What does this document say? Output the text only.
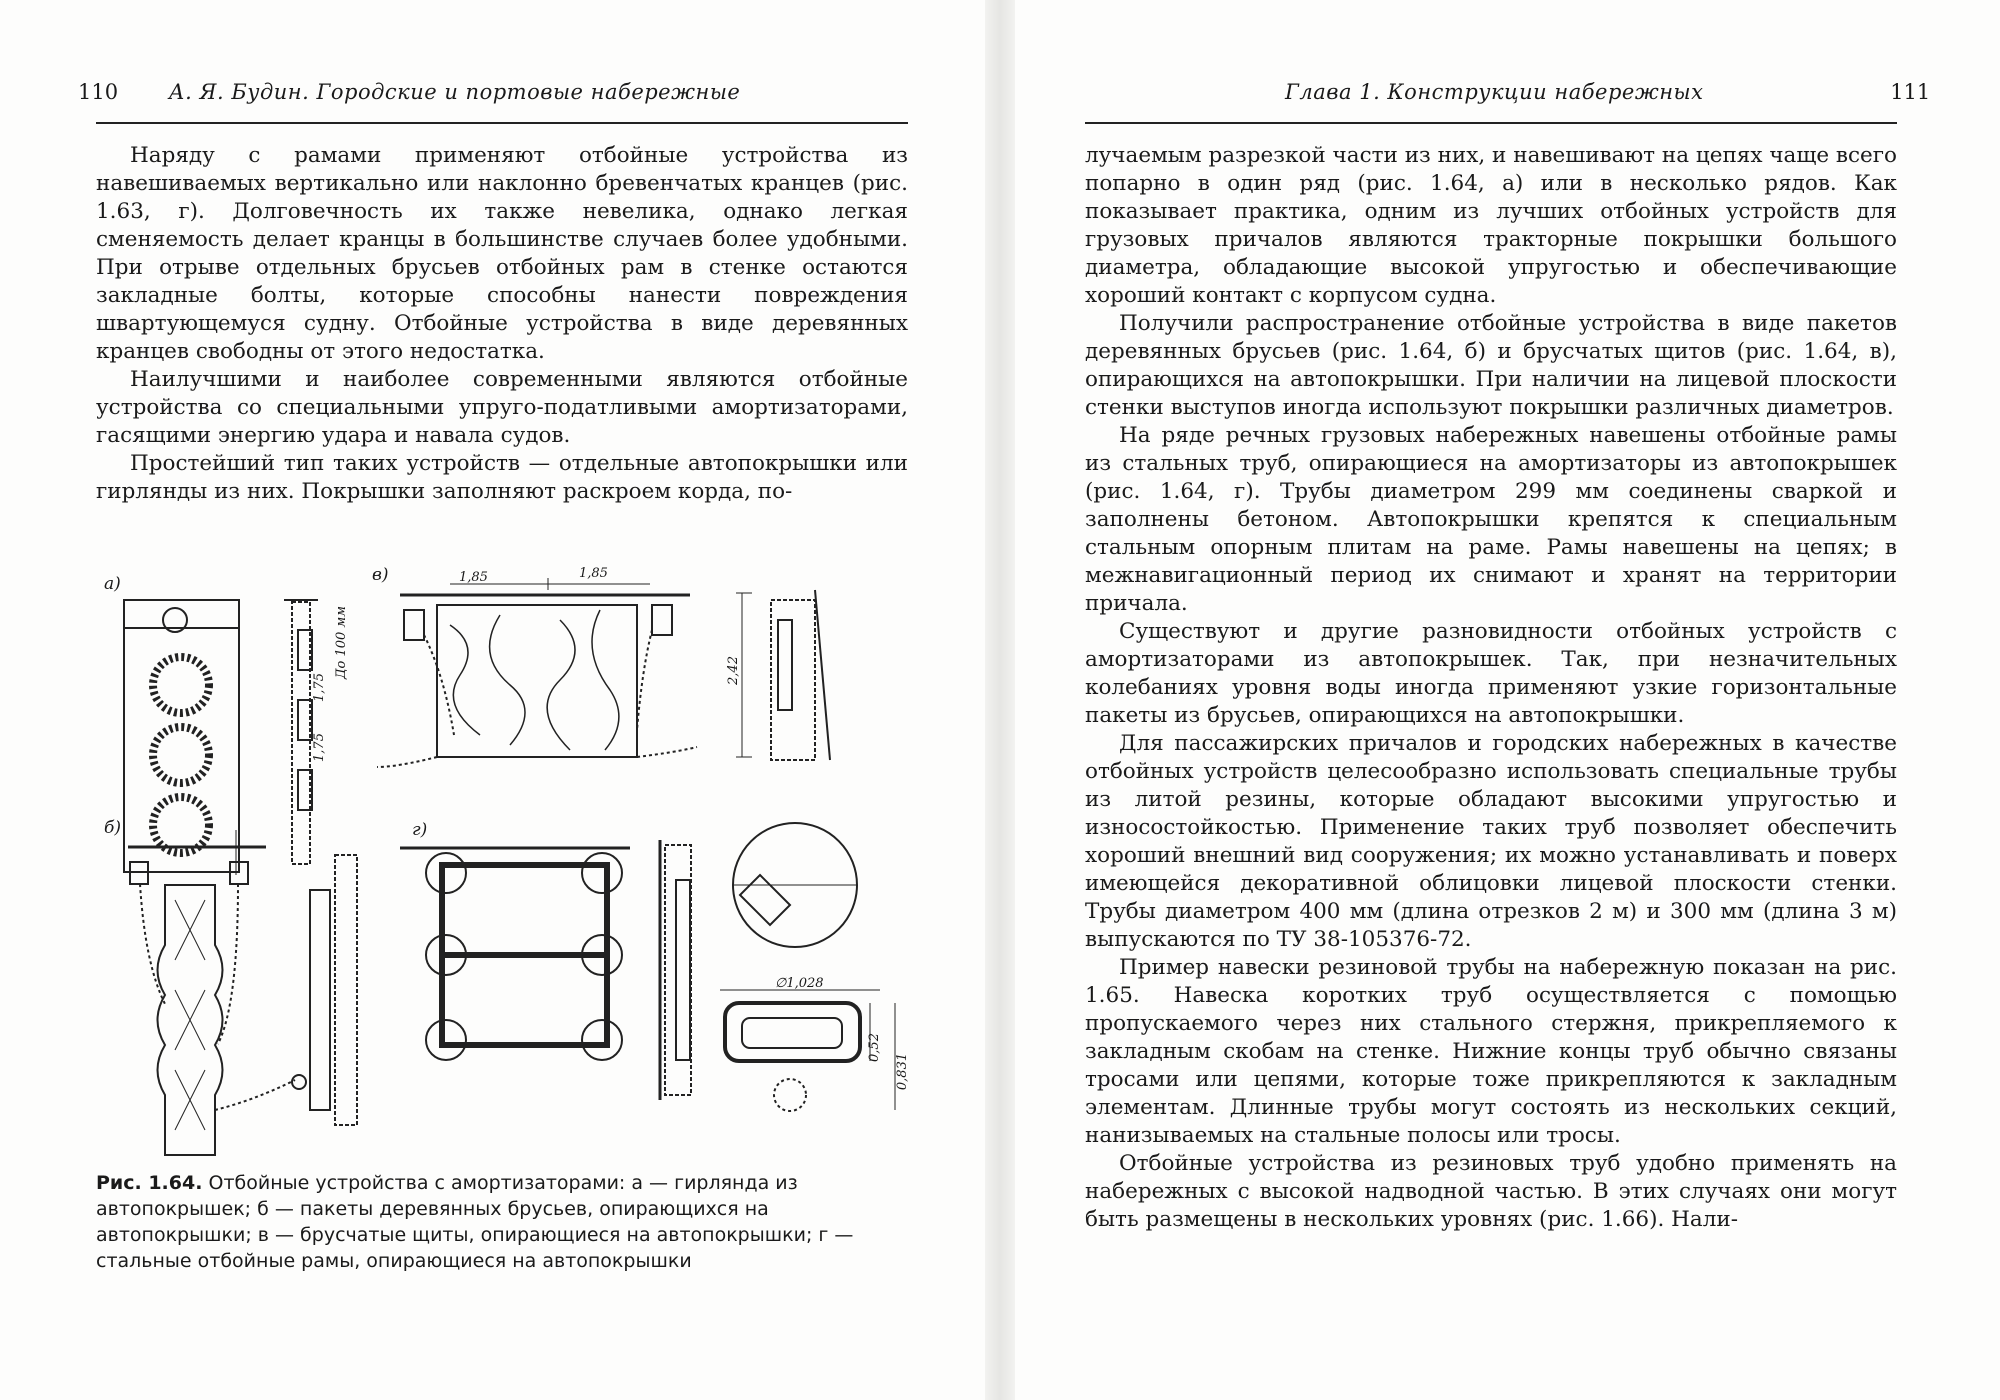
110 А. Я. Будин. Городские и портовые набережные

Наряду с рамами применяют отбойные устройства из навешиваемых вертикально или наклонно бревенчатых кранцев (рис. 1.63, г). Долговечность их также невелика, однако легкая сменяемость делает кранцы в большинстве случаев более удобными. При отрыве отдельных брусьев отбойных рам в стенке остаются закладные болты, которые способны нанести повреждения швартующемуся судну. Отбойные устройства в виде деревянных кранцев свободны от этого недостатка.

Наилучшими и наиболее современными являются отбойные устройства со специальными упруго-податливыми амортизаторами, гасящими энергию удара и навала судов.

Простейший тип таких устройств — отдельные автопокрышки или гирлянды из них. Покрышки заполняют раскроем корда, по-

а)
б)
в)
г)
1,85	1,85
2,42
1,75
1,75
До 100 мм
∅1,028
0,52
0,831
Рис. 1.64. Отбойные устройства с амортизаторами: а — гирлянда из автопокрышек; б — пакеты деревянных брусьев, опирающихся на автопокрышки; в — брусчатые щиты, опирающиеся на автопокрышки; г — стальные отбойные рамы, опирающиеся на автопокрышки
Глава 1. Конструкции набережных	111

лучаемым разрезкой части из них, и навешивают на цепях чаще всего попарно в один ряд (рис. 1.64, а) или в несколько рядов. Как показывает практика, одним из лучших отбойных устройств для грузовых причалов являются тракторные покрышки большого диаметра, обладающие высокой упругостью и обеспечивающие хороший контакт с корпусом судна.

Получили распространение отбойные устройства в виде пакетов деревянных брусьев (рис. 1.64, б) и брусчатых щитов (рис. 1.64, в), опирающихся на автопокрышки. При наличии на лицевой плоскости стенки выступов иногда используют покрышки различных диаметров.

На ряде речных грузовых набережных навешены отбойные рамы из стальных труб, опирающиеся на амортизаторы из автопокрышек (рис. 1.64, г). Трубы диаметром 299 мм соединены сваркой и заполнены бетоном. Автопокрышки крепятся к специальным стальным опорным плитам на раме. Рамы навешены на цепях; в межнавигационный период их снимают и хранят на территории причала.

Существуют и другие разновидности отбойных устройств с амортизаторами из автопокрышек. Так, при незначительных колебаниях уровня воды иногда применяют узкие горизонтальные пакеты из брусьев, опирающихся на автопокрышки.

Для пассажирских причалов и городских набережных в качестве отбойных устройств целесообразно использовать специальные трубы из литой резины, которые обладают высокими упругостью и износостойкостью. Применение таких труб позволяет обеспечить хороший внешний вид сооружения; их можно устанавливать и поверх имеющейся декоративной облицовки лицевой плоскости стенки. Трубы диаметром 400 мм (длина отрезков 2 м) и 300 мм (длина 3 м) выпускаются по ТУ 38-105376-72.

Пример навески резиновой трубы на набережную показан на рис. 1.65. Навеска коротких труб осуществляется с помощью пропускаемого через них стального стержня, прикрепляемого к закладным скобам на стенке. Нижние концы труб обычно связаны тросами или цепями, которые тоже прикрепляются к закладным элементам. Длинные трубы могут состоять из нескольких секций, нанизываемых на стальные полосы или тросы.

Отбойные устройства из резиновых труб удобно применять на набережных с высокой надводной частью. В этих случаях они могут быть размещены в нескольких уровнях (рис. 1.66). Нали-
